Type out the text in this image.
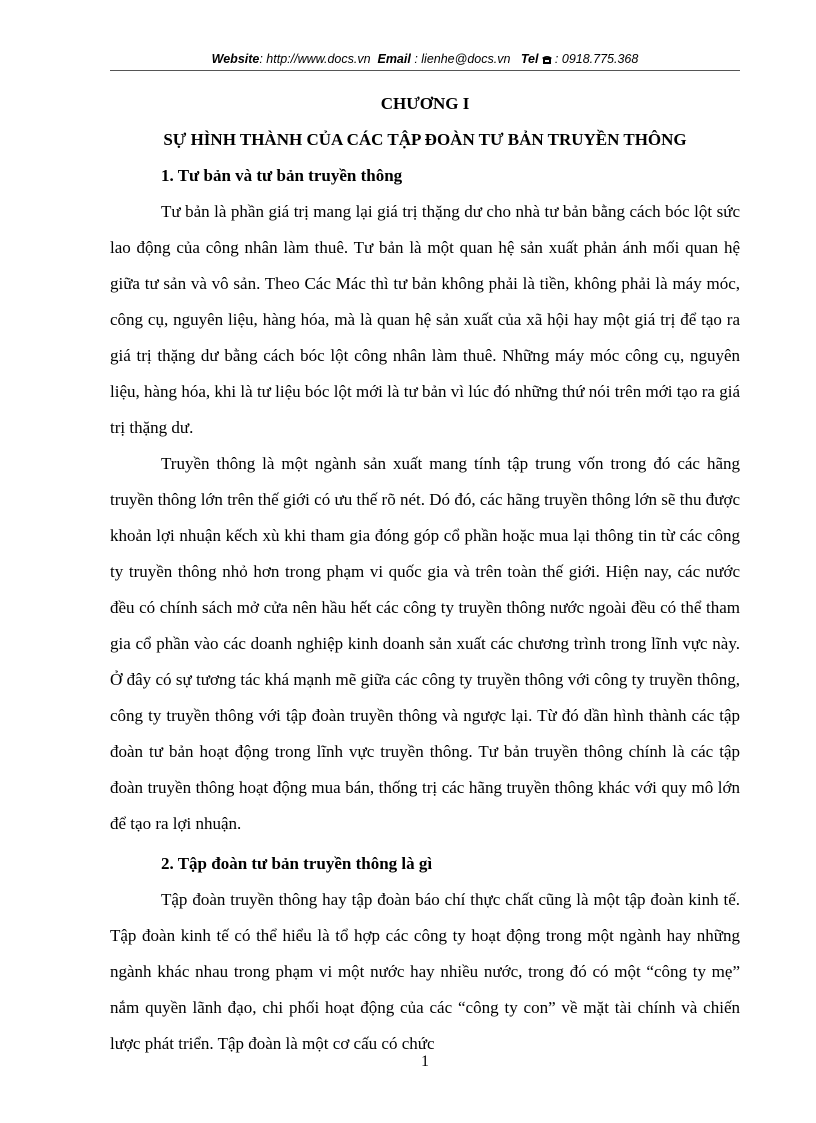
Website: http://www.docs.vn Email : lienhe@docs.vn Tel : 0918.775.368
CHƯƠNG I
SỰ HÌNH THÀNH CỦA CÁC TẬP ĐOÀN TƯ BẢN TRUYỀN THÔNG
1. Tư bản và tư bản truyền thông

Tư bản là phần giá trị mang lại giá trị thặng dư cho nhà tư bản bằng cách bóc lột sức lao động của công nhân làm thuê. Tư bản là một quan hệ sản xuất phản ánh mối quan hệ giữa tư sản và vô sản. Theo Các Mác thì tư bản không phải là tiền, không phải là máy móc, công cụ, nguyên liệu, hàng hóa, mà là quan hệ sản xuất của xã hội hay một giá trị để tạo ra giá trị thặng dư bằng cách bóc lột công nhân làm thuê. Những máy móc công cụ, nguyên liệu, hàng hóa, khi là tư liệu bóc lột mới là tư bản vì lúc đó những thứ nói trên mới tạo ra giá trị thặng dư.

Truyền thông là một ngành sản xuất mang tính tập trung vốn trong đó các hãng truyền thông lớn trên thế giới có ưu thế rõ nét. Dó đó, các hãng truyền thông lớn sẽ thu được khoản lợi nhuận kếch xù khi tham gia đóng góp cổ phần hoặc mua lại thông tin từ các công ty truyền thông nhỏ hơn trong phạm vi quốc gia và trên toàn thế giới. Hiện nay, các nước đều có chính sách mở cửa nên hầu hết các công ty truyền thông nước ngoài đều có thể tham gia cổ phần vào các doanh nghiệp kinh doanh sản xuất các chương trình trong lĩnh vực này. Ở đây có sự tương tác khá mạnh mẽ giữa các công ty truyền thông với công ty truyền thông, công ty truyền thông với tập đoàn truyền thông và ngược lại. Từ đó dần hình thành các tập đoàn tư bản hoạt động trong lĩnh vực truyền thông. Tư bản truyền thông chính là các tập đoàn truyền thông hoạt động mua bán, thống trị các hãng truyền thông khác với quy mô lớn để tạo ra lợi nhuận.

2. Tập đoàn tư bản truyền thông là gì

Tập đoàn truyền thông hay tập đoàn báo chí thực chất cũng là một tập đoàn kinh tế. Tập đoàn kinh tế có thể hiểu là tổ hợp các công ty hoạt động trong một ngành hay những ngành khác nhau trong phạm vi một nước hay nhiều nước, trong đó có một “công ty mẹ” nắm quyền lãnh đạo, chi phối hoạt động của các “công ty con” về mặt tài chính và chiến lược phát triển. Tập đoàn là một cơ cấu có chức

1
